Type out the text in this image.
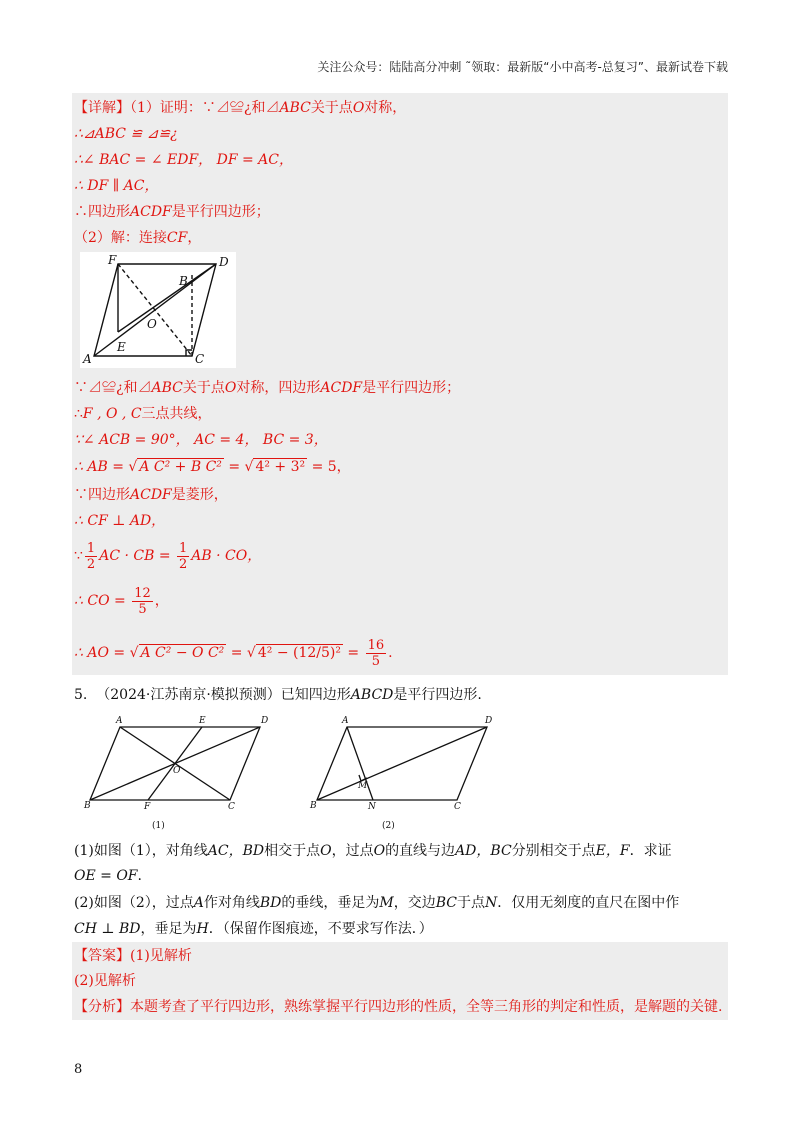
关注公众号：陆陆高分冲刺 ˜领取：最新版“小中高考-总复习”、最新试卷下载
【详解】（1）证明：∵⊿≌¿和⊿ABC关于点O对称，
∴⊿ABC ≌ ⊿≌¿
∴∠ BAC = ∠ EDF， DF = AC，
∴ DF ∥ AC，
∴四边形ACDF是平行四边形；
（2）解：连接CF，
F	D
B
O
E
A	C
∵⊿≌¿和⊿ABC关于点O对称，四边形ACDF是平行四边形；
∴F , O , C三点共线，
∵∠ ACB = 90°， AC = 4， BC = 3，
∴ AB = √ A C² + B C² = √ 4² + 3² = 5，
∵四边形ACDF是菱形，
∴ CF ⊥ AD，
∵ $\frac{1}{2}$ AC · CB = $\frac{1}{2}$ AB · CO，
∴ CO = $\frac{12}{5}$ ，
∴ AO = √ A C² − O C² = √ $4^2 - (12/5)^2 = \frac{16}{5}$ .
5. （2024·江苏南京·模拟预测）已知四边形ABCD是平行四边形.
A	E	D
O
B	F	C
A	D
M
B	N	C
(1)	(2)
(1)如图（1），对角线AC，BD相交于点O，过点O的直线与边AD，BC分别相交于点E，F．求证
OE = OF.
(2)如图（2），过点A作对角线BD的垂线，垂足为M，交边BC于点N．仅用无刻度的直尺在图中作
CH ⊥ BD，垂足为H．（保留作图痕迹，不要求写作法．）
【答案】(1)见解析
(2)见解析
【分析】本题考查了平行四边形，熟练掌握平行四边形的性质，全等三角形的判定和性质，是解题的关键.
8
